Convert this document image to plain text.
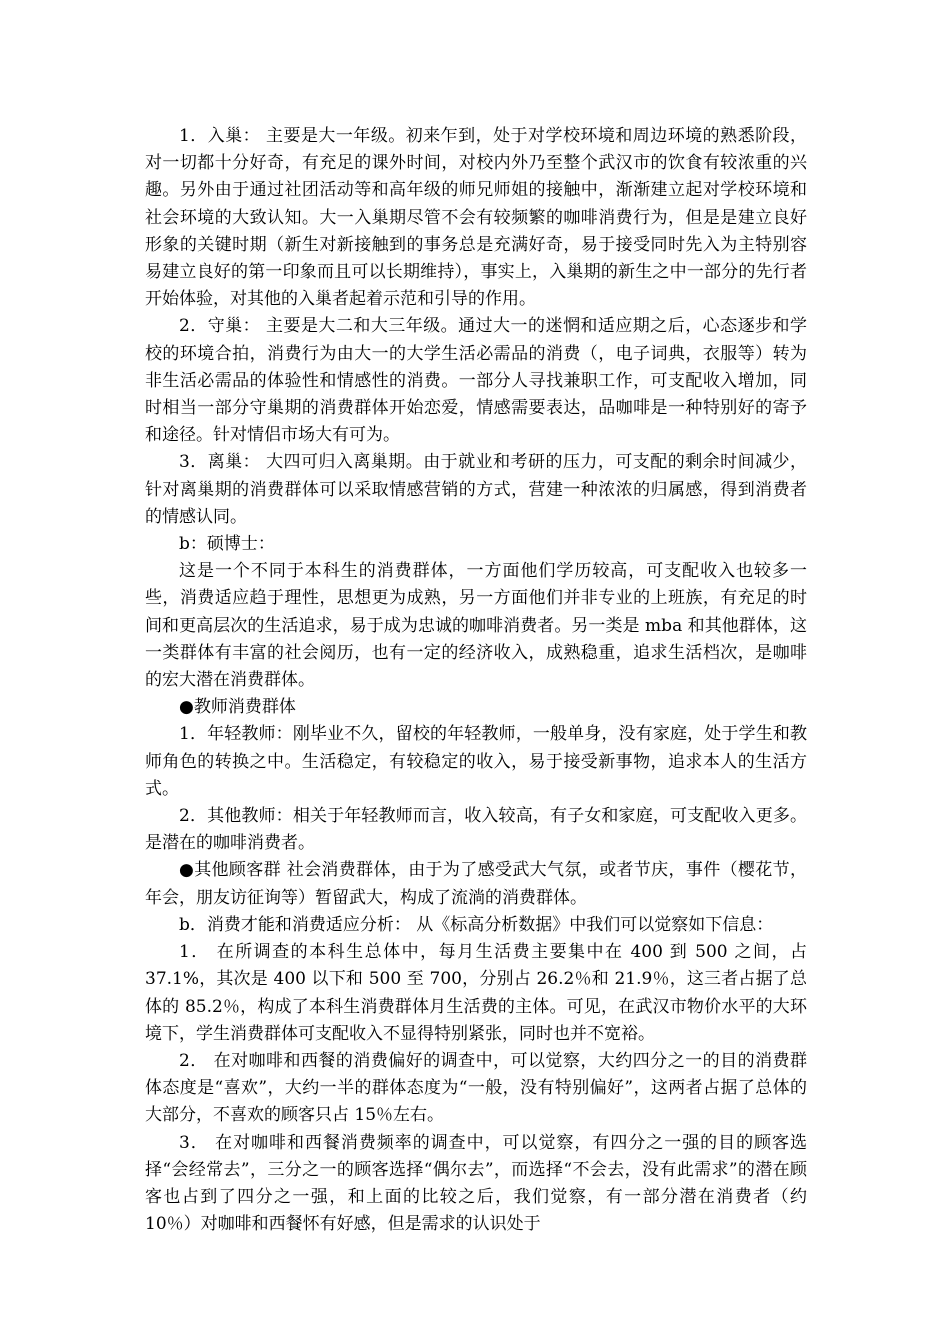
1．入巢： 主要是大一年级。初来乍到，处于对学校环境和周边环境的熟悉阶段，对一切都十分好奇，有充足的课外时间，对校内外乃至整个武汉市的饮食有较浓重的兴趣。另外由于通过社团活动等和高年级的师兄师姐的接触中，渐渐建立起对学校环境和社会环境的大致认知。大一入巢期尽管不会有较频繁的咖啡消费行为，但是是建立良好形象的关键时期（新生对新接触到的事务总是充满好奇，易于接受同时先入为主特别容易建立良好的第一印象而且可以长期维持），事实上，入巢期的新生之中一部分的先行者开始体验，对其他的入巢者起着示范和引导的作用。

2．守巢： 主要是大二和大三年级。通过大一的迷惘和适应期之后，心态逐步和学校的环境合拍，消费行为由大一的大学生活必需品的消费（，电子词典，衣服等）转为非生活必需品的体验性和情感性的消费。一部分人寻找兼职工作，可支配收入增加，同时相当一部分守巢期的消费群体开始恋爱，情感需要表达，品咖啡是一种特别好的寄予和途径。针对情侣市场大有可为。

3．离巢： 大四可归入离巢期。由于就业和考研的压力，可支配的剩余时间减少，针对离巢期的消费群体可以采取情感营销的方式，营建一种浓浓的归属感，得到消费者的情感认同。

b：硕博士：

这是一个不同于本科生的消费群体，一方面他们学历较高，可支配收入也较多一些，消费适应趋于理性，思想更为成熟，另一方面他们并非专业的上班族，有充足的时间和更高层次的生活追求，易于成为忠诚的咖啡消费者。另一类是 mba 和其他群体，这一类群体有丰富的社会阅历，也有一定的经济收入，成熟稳重，追求生活档次，是咖啡的宏大潜在消费群体。

●教师消费群体

1．年轻教师：刚毕业不久，留校的年轻教师，一般单身，没有家庭，处于学生和教师角色的转换之中。生活稳定，有较稳定的收入，易于接受新事物，追求本人的生活方式。

2．其他教师：相关于年轻教师而言，收入较高，有子女和家庭，可支配收入更多。是潜在的咖啡消费者。

●其他顾客群 社会消费群体，由于为了感受武大气氛，或者节庆，事件（樱花节，年会，朋友访征询等）暂留武大，构成了流淌的消费群体。

b．消费才能和消费适应分析： 从《标高分析数据》中我们可以觉察如下信息：

1． 在所调查的本科生总体中，每月生活费主要集中在 400 到 500 之间，占 37.1%，其次是 400 以下和 500 至 700，分别占 26.2％和 21.9％，这三者占据了总体的 85.2％，构成了本科生消费群体月生活费的主体。可见，在武汉市物价水平的大环境下，学生消费群体可支配收入不显得特别紧张，同时也并不宽裕。

2． 在对咖啡和西餐的消费偏好的调查中，可以觉察，大约四分之一的目的消费群体态度是“喜欢”，大约一半的群体态度为“一般，没有特别偏好”，这两者占据了总体的大部分，不喜欢的顾客只占 15％左右。

3． 在对咖啡和西餐消费频率的调查中，可以觉察，有四分之一强的目的顾客选择“会经常去”，三分之一的顾客选择“偶尔去”，而选择“不会去，没有此需求”的潜在顾客也占到了四分之一强，和上面的比较之后，我们觉察，有一部分潜在消费者（约 10％）对咖啡和西餐怀有好感，但是需求的认识处于
